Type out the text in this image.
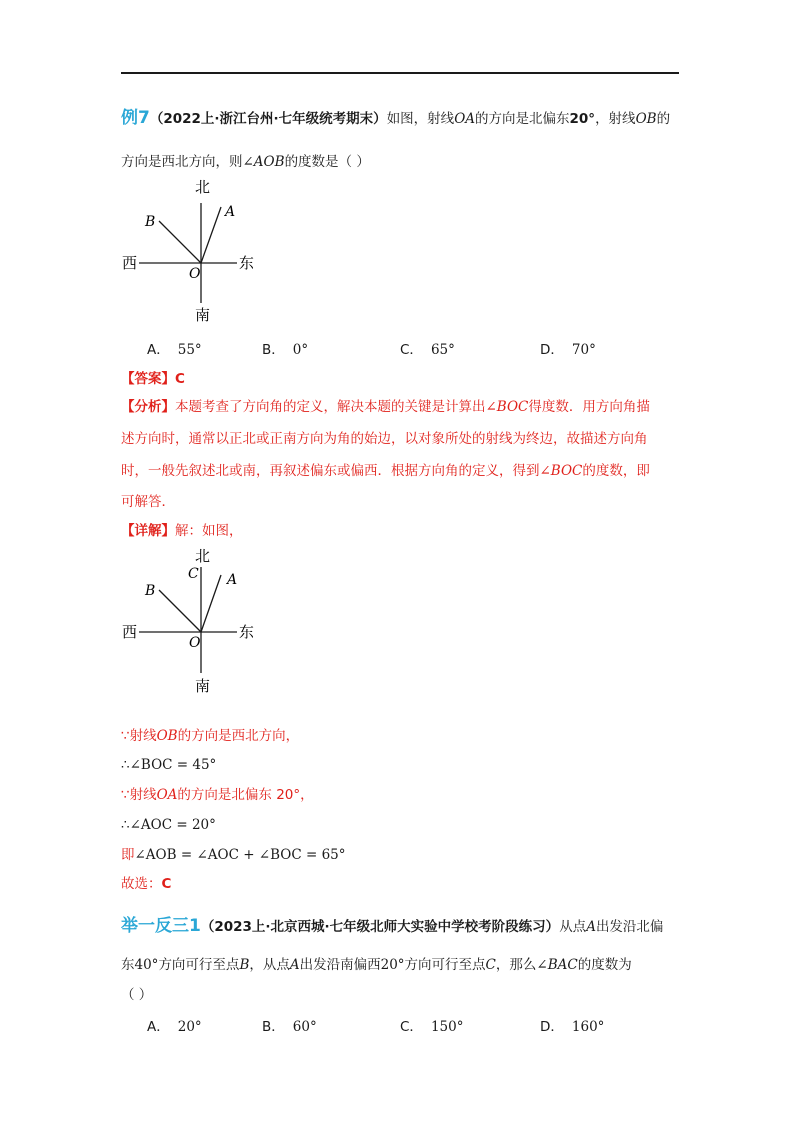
例7（2022上·浙江台州·七年级统考期末）如图，射线OA的方向是北偏东20°，射线OB的
方向是西北方向，则∠AOB的度数是（ ）
北
南
西	东
A
B
O
A． 55°	B． 0°	C． 65°	D． 70°
【答案】C
【分析】本题考查了方向角的定义，解决本题的关键是计算出∠BOC得度数．用方向角描
述方向时，通常以正北或正南方向为角的始边，以对象所处的射线为终边，故描述方向角
时，一般先叙述北或南，再叙述偏东或偏西．根据方向角的定义，得到∠BOC的度数，即
可解答．
【详解】解：如图，
北
南
西	东
A
B
C
O
∵射线OB的方向是西北方向，
∴∠BOC = 45°
∵射线OA的方向是北偏东 20°，
∴∠AOC = 20°
即∠AOB = ∠AOC + ∠BOC = 65°
故选：C
举一反三1（2023上·北京西城·七年级北师大实验中学校考阶段练习）从点A出发沿北偏
东40°方向可行至点B，从点A出发沿南偏西20°方向可行至点C，那么∠BAC的度数为
（ ）
A． 20°	B． 60°	C． 150°	D． 160°
